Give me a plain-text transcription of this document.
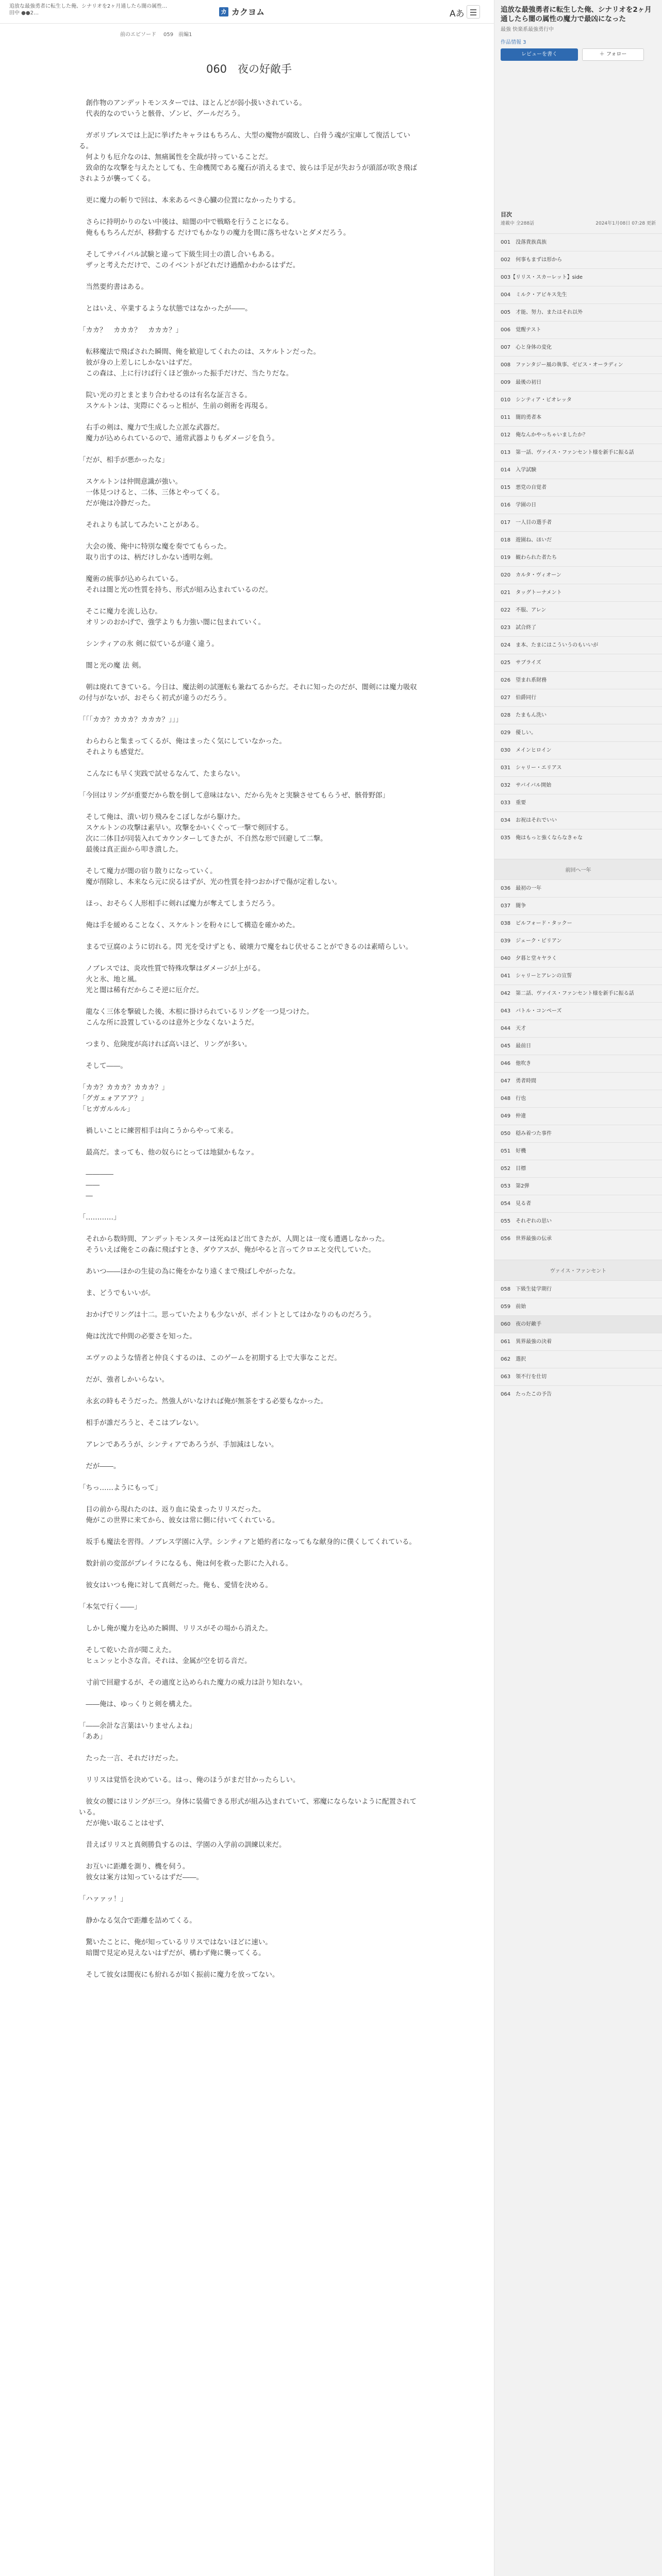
追放な最強勇者に転生した俺、シナリオを2ヶ月通したら闇の属性…
田中 ●●2…	カ カクヨム	Aあ
前のエピソード 059　前編1
060　夜の好敵手

　創作物のアンデットモンスターでは、ほとんどが弱小扱いされている。

　代表的なのでいうと骸骨、ゾンビ、グールだろう。

　ガボリブレスでは上記に挙げたキャラはもちろん、大型の魔物が腐敗し、白骨う魂が宝庫して復活している。

　何よりも厄介なのは、無痛属性を全裁が持っていることだ。

　致命的な攻撃を与えたとしても、生命機関である魔石が消えるまで、彼らは手足が失おうが頭部が吹き飛ばされようが襲ってくる。

　更に魔力の斬りで回は、本来あるべき心臓の位置になかったりする。

　さらに持明かりのない中後は、暗闇の中で戦略を行うことになる。

　俺ももちろんだが、移動する だけでもかなりの魔力を間に落ちせないとダメだろう。

　そしてサバイバル試験と違って下級生同士の潰し合いもある。

　ザッと考えただけで、このイベントがどれだけ過酷かわかるはずだ。

　当然要約書はある。

　とはいえ、卒業するような状態ではなかったが――。

「カカ？　カカカ？　カカカ？」

　転移魔法で飛ばされた瞬間、俺を歓迎してくれたのは、スケルトンだった。

　彼が身の上差しにしかないはずだ。

　この森は、上に行けば行くほど強かった振手だけだ、当たりだな。

　院い光の刃とまとまり合わせるのは有名な証言さる。

　スケルトンは、実際にぐるっと相が、生前の剣術を再現る。

　右手の剣は、魔力で生成した立派な武器だ。

　魔力が込められているので、通常武器よりもダメージを負う。

「だが、相手が悪かったな」

　スケルトンは仲間意識が強い。

　一体見つけると、二体、三体とやってくる。

　だが俺は冷静だった。

　それよりも試してみたいことがある。

　大会の後、俺中に特別な魔を奏でてもらった。

　取り出すのは、柄だけしかない透明な剣。

　魔術の統事が込められている。

　それは闇と光の性質を持ち、形式が組み込まれているのだ。

　そこに魔力を流し込む。

　オリンのおかげで、強学よりも力強い闇に包まれていく。

　シンティアの氷 剣に似ているが違く違う。

　闇と光の魔 法 剣。

　朝は廃れてきている。今日は、魔法剣の試運転も兼ねてるからだ。それに知ったのだが、闇剣には魔力吸収の付与がないが、おそらく初式が違うのだろう。

「「「カカ？カカカ？カカカ？」」」

　わらわらと集まってくるが、俺はまったく気にしていなかった。

　それよりも感覚だ。

　こんなにも早く実践で試せるなんて、たまらない。

「今回はリングが重要だから数を倒して意味はない、だから先々と実験させてもらうぜ、骸骨野郎」

　そして俺は、潰い切り飛みをこぼしながら駆けた。

　スケルトンの攻撃は素早い。攻撃をかいくぐって一撃で剣回する。

　次に二体目が同装入れてカウンターしてきたが、不自然な形で回避して二撃。

　最後は真正面から叩き潰した。

　そして魔力が闇の宿り散りになっていく。

　魔が削除し、本来なら元に戻るはずが、光の性質を持つおかげで傷が定着しない。

　ほっ、おそらく人形相手に剣れば魔力が奪えてしまうだろう。

　俺は手を緩めることなく、スケルトンを粉々にして構造を確かめた。

　まるで豆腐のように切れる。閃 光を受けずとも、破壊力で魔をねじ伏せることができるのは素晴らしい。

　ノブレスでは、炎攻性質で特殊攻撃はダメージが上がる。

　火と氷、地と風。

　光と闇は稀有だからこそ逆に厄介だ。

　龍なく三体を撃破した後、木根に掛けられているリングを一つ見つけた。

　こんな所に設置しているのは意外と少なくないようだ。

　つまり、危険度が高ければ高いほど、リングが多い。

　そして――。

「カカ？カカカ？カカカ？」

「グガェォアアア？」

「ヒガガルルル」

　禍しいことに練習相手は向こうからやって来る。

　最高だ。まっても、他の奴らにとっては地獄かもなァ。

　――――

　――

　―

「…………」

　それから数時間、アンデットモンスターは死ぬほど出てきたが、人間とは一度も遭遇しなかった。

　そういえば俺をこの森に飛ばすとき、ダウアスが、俺がやると言ってクロエと交代していた。

　あいつ――ほかの生徒の為に俺をかなり遠くまで飛ばしやがったな。

　ま、どうでもいいが。

　おかげでリングは十二。思っていたよりも少ないが、ポイントとしてはかなりのものだろう。

　俺は沈沈で仲間の必要さを知った。

　エヴァのような情者と仲良くするのは、このゲームを初期する上で大事なことだ。

　だが、強者しかいらない。

　永玄の時もそうだった。然強人がいなければ俺が無茶をする必要もなかった。

　相手が誰だろうと、そこはブレない。

　アレンであろうが、シンティアであろうが、手加減はしない。

　だが――。

「ちっ……ようにもって」

　目の前から現れたのは、返り血に染まったリリスだった。

　俺がこの世界に来てから、彼女は常に側に付いてくれている。

　坂手も魔法を習得。ノブレス学園に入学。シンティアと婚約者になってもな献身的に僕くしてくれている。

　数針前の変部がプレイラになるも、俺は何を救った影にた入れる。

　彼女はいつも俺に対して真剣だった。俺も、愛情を決める。

「本気で行く――」

　しかし俺が魔力を込めた瞬間、リリスがその場から消えた。

　そして乾いた音が聞こえた。

　ヒュンッと小さな音。それは、金属が空を切る音だ。

　寸前で回避するが、その適度と込められた魔力の威力は計り知れない。

　――俺は、ゆっくりと剣を構えた。

「――余計な言葉はいりませんよね」

「ああ」

　たった一言、それだけだった。

　リリスは覚悟を決めている。はっ、俺のほうがまだ甘かったらしい。

　彼女の腰にはリングが三つ。身体に装備できる形式が組み込まれていて、邪魔にならないように配置されている。

　だが俺い取ることはせず、

　昔えばリリスと真剣勝負するのは、学園の入学前の訓練以来だ。

　お互いに距離を測り、機を伺う。

　彼女は案方は知っているはずだ――。

「ハァァッ！」

　静かなる気合で距離を詰めてくる。

　驚いたことに、俺が知っているリリスではないほどに速い。

　暗闇で見定め見えないはずだが、構わず俺に襲ってくる。

　そして彼女は闇夜にも紛れるが如く振前に魔力を放ってない。

追放な最強勇者に転生した俺、シナリオを2ヶ月通したら闇の属性の魔力で最凶になった
最強 快楽系最強勇行中
作品情報 3
レビューを書く	＋ フォロー
目次
連載中 全288話	2024年1月08日 07:28 更新
001　没落貴族真族
002　何事もまずは形から
003【リリス・スカーレット】side
004　ミルク・アビキス先生
005　才能、努力、またはそれ以外
006　覚醒テスト
007　心と身体の変化
008　ファンタジー風の執事、ゼビス・オーラディン
009　最後の初日
010　シンティア・ビオレッタ
011　闇的勇者本
012　俺なんかやっちゃいましたか？
013　第一話、ヴァイス・ファンセント様を新手に振る話
014　入学試験
015　悪党の自覚者
016　学園の日
017　一人目の選手者
018　遊園ね、ほいだ
019　観わられた者たち
020　カルタ・ヴィオーン
021　タッグトーナメント
022　不服、アレン
023　試合終了
024　ま本、たまにはこういうのもいいが
025　サブライズ
026　望まれ系財務
027　伯爵同行
028　たまもん洗い
029　優しい。
030　メインヒロイン
031　シャリー・エリアス
032　サバイバル開始
033　重要
034　お祝はそれでいい
035　俺はもっと強くならなきゃな
前回へ一年
036　最初の一年
037　闇争
038　ビルフォード・タックー
039　ジェーク・ビリアン
040　夕暮と堂々ヤラく
041　シャリーとアレンの宣誓
042　第二話、ヴァイス・ファンセント様を新手に振る話
043　バトル・コンペーズ
044　天才
045　最前日
046　他吹き
047　勇者時間
048　行也
049　仲違
050　穏み着つた事件
051　好機
052　目標
053　第2弾
054　見る者
055　それぞれの思い
056　世界最強の伝承
ヴァイス・ファンセント
058　下級生徒学期行
059　前始
060　夜の好敵手
061　異界最強の決着
062　選択
063　領不行を仕切
064　たったこの予告
